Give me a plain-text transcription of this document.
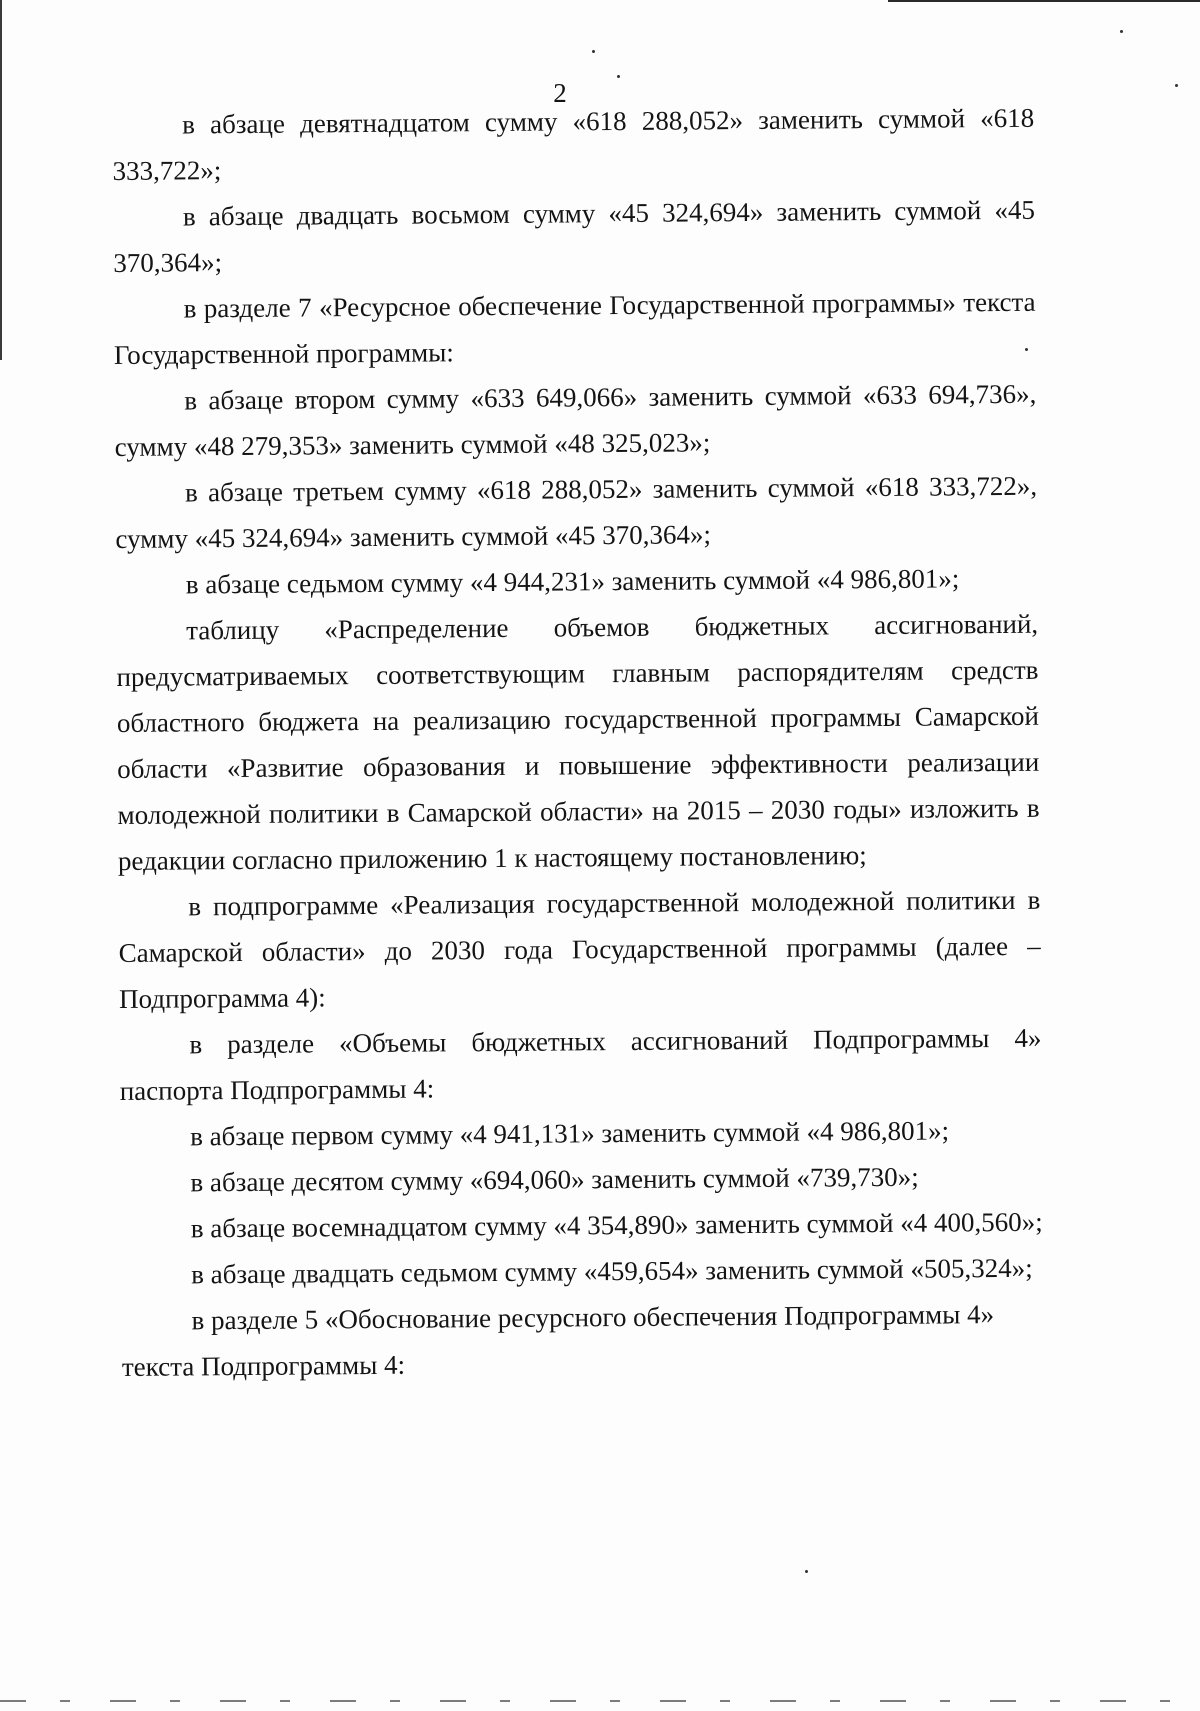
2

в абзаце девятнадцатом сумму «618 288,052» заменить суммой «618 333,722»;

в абзаце двадцать восьмом сумму «45 324,694» заменить суммой «45 370,364»;

в разделе 7 «Ресурсное обеспечение Государственной программы» текста Государственной программы:

в абзаце втором сумму «633 649,066» заменить суммой «633 694,736», сумму «48 279,353» заменить суммой «48 325,023»;

в абзаце третьем сумму «618 288,052» заменить суммой «618 333,722», сумму «45 324,694» заменить суммой «45 370,364»;

в абзаце седьмом сумму «4 944,231» заменить суммой «4 986,801»;

таблицу «Распределение объемов бюджетных ассигнований, предусматриваемых соответствующим главным распорядителям средств областного бюджета на реализацию государственной программы Самарской области «Развитие образования и повышение эффективности реализации молодежной политики в Самарской области» на 2015 – 2030 годы» изложить в редакции согласно приложению 1 к настоящему постановлению;

в подпрограмме «Реализация государственной молодежной политики в Самарской области» до 2030 года Государственной программы (далее – Подпрограмма 4):

в разделе «Объемы бюджетных ассигнований Подпрограммы 4» паспорта Подпрограммы 4:

в абзаце первом сумму «4 941,131» заменить суммой «4 986,801»;

в абзаце десятом сумму «694,060» заменить суммой «739,730»;

в абзаце восемнадцатом сумму «4 354,890» заменить суммой «4 400,560»;

в абзаце двадцать седьмом сумму «459,654» заменить суммой «505,324»;

в разделе 5 «Обоснование ресурсного обеспечения Подпрограммы 4» текста Подпрограммы 4:
